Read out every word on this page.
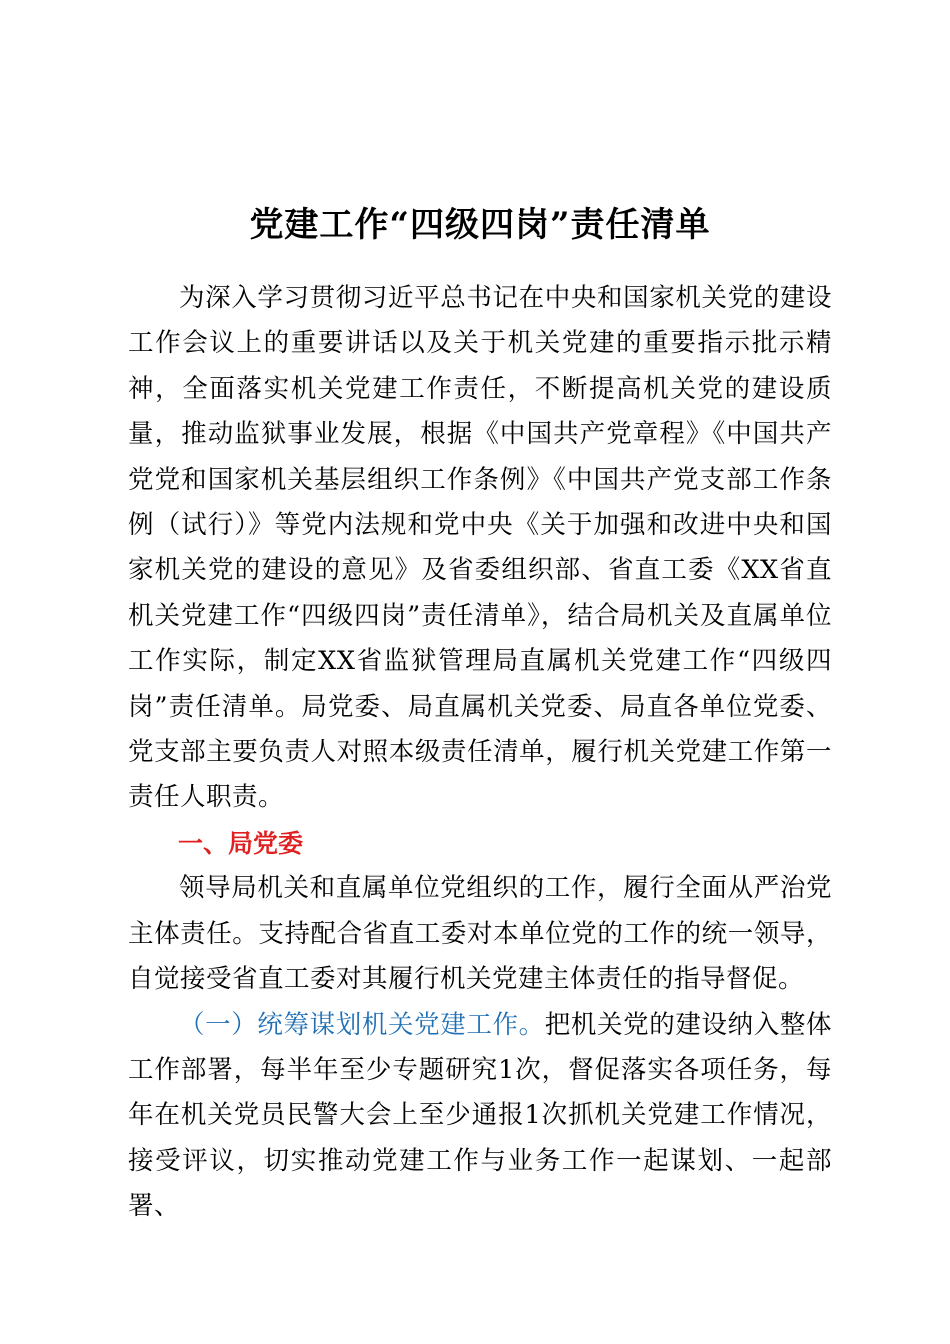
党建工作“四级四岗”责任清单

为深入学习贯彻习近平总书记在中央和国家机关党的建设工作会议上的重要讲话以及关于机关党建的重要指示批示精神，全面落实机关党建工作责任，不断提高机关党的建设质量，推动监狱事业发展，根据《中国共产党章程》《中国共产党党和国家机关基层组织工作条例》《中国共产党支部工作条例（试行）》等党内法规和党中央《关于加强和改进中央和国家机关党的建设的意见》及省委组织部、省直工委《XX省直机关党建工作“四级四岗”责任清单》，结合局机关及直属单位工作实际，制定XX省监狱管理局直属机关党建工作“四级四岗”责任清单。局党委、局直属机关党委、局直各单位党委、党支部主要负责人对照本级责任清单，履行机关党建工作第一责任人职责。

一、局党委

领导局机关和直属单位党组织的工作，履行全面从严治党主体责任。支持配合省直工委对本单位党的工作的统一领导，自觉接受省直工委对其履行机关党建主体责任的指导督促。

（一）统筹谋划机关党建工作。把机关党的建设纳入整体工作部署，每半年至少专题研究1次，督促落实各项任务，每年在机关党员民警大会上至少通报1次抓机关党建工作情况，接受评议，切实推动党建工作与业务工作一起谋划、一起部署、
